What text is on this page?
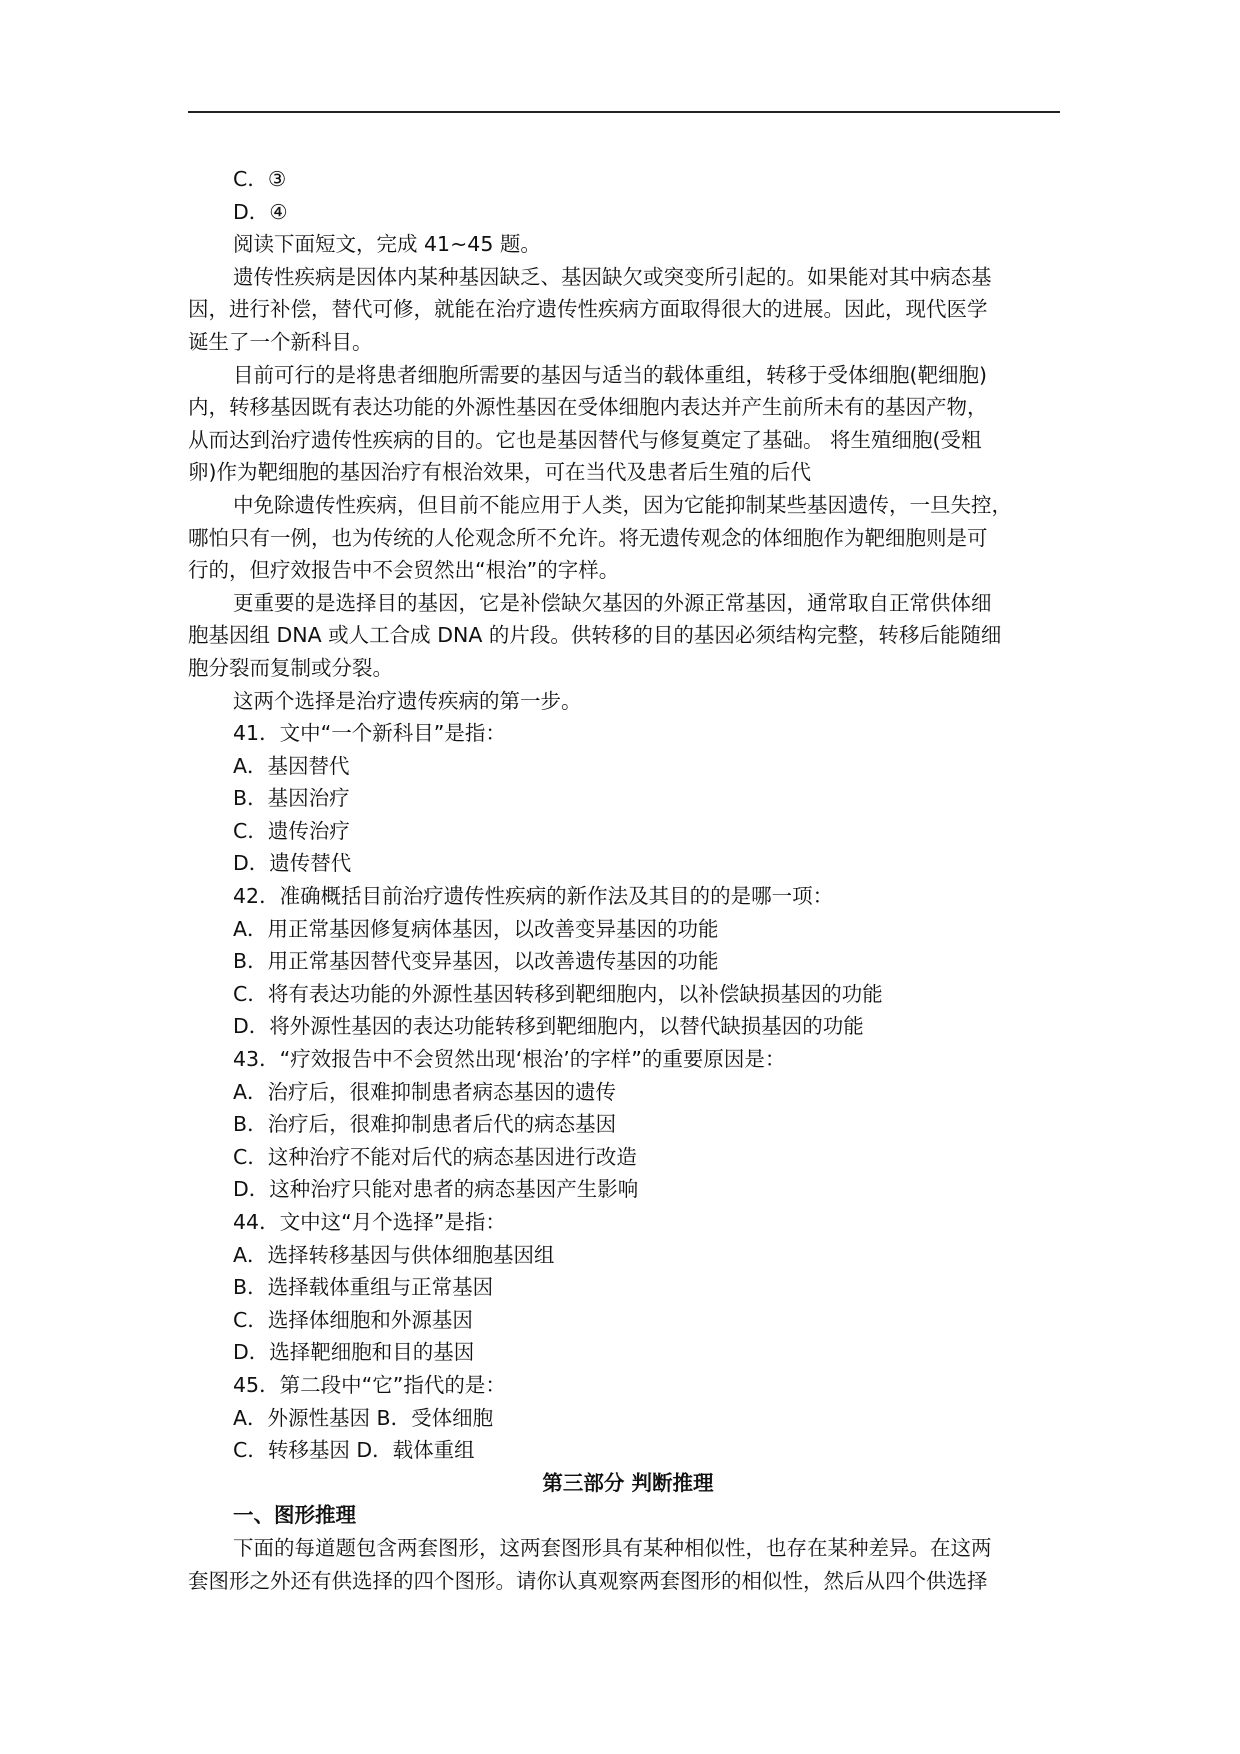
C．③
D．④
阅读下面短文，完成 41~45 题。
遗传性疾病是因体内某种基因缺乏、基因缺欠或突变所引起的。如果能对其中病态基
因，进行补偿，替代可修，就能在治疗遗传性疾病方面取得很大的进展。因此，现代医学
诞生了一个新科目。
目前可行的是将患者细胞所需要的基因与适当的载体重组，转移于受体细胞(靶细胞)
内，转移基因既有表达功能的外源性基因在受体细胞内表达并产生前所未有的基因产物，
从而达到治疗遗传性疾病的目的。它也是基因替代与修复奠定了基础。 将生殖细胞(受粗
卵)作为靶细胞的基因治疗有根治效果，可在当代及患者后生殖的后代
中免除遗传性疾病，但目前不能应用于人类，因为它能抑制某些基因遗传，一旦失控，
哪怕只有一例，也为传统的人伦观念所不允许。将无遗传观念的体细胞作为靶细胞则是可
行的，但疗效报告中不会贸然出“根治”的字样。
更重要的是选择目的基因，它是补偿缺欠基因的外源正常基因，通常取自正常供体细
胞基因组 DNA 或人工合成 DNA 的片段。供转移的目的基因必须结构完整，转移后能随细
胞分裂而复制或分裂。
这两个选择是治疗遗传疾病的第一步。
41．文中“一个新科目”是指：
A．基因替代
B．基因治疗
C．遗传治疗
D．遗传替代
42．准确概括目前治疗遗传性疾病的新作法及其目的的是哪一项：
A．用正常基因修复病体基因，以改善变异基因的功能
B．用正常基因替代变异基因，以改善遗传基因的功能
C．将有表达功能的外源性基因转移到靶细胞内，以补偿缺损基因的功能
D．将外源性基因的表达功能转移到靶细胞内，以替代缺损基因的功能
43．“疗效报告中不会贸然出现‘根治’的字样”的重要原因是：
A．治疗后，很难抑制患者病态基因的遗传
B．治疗后，很难抑制患者后代的病态基因
C．这种治疗不能对后代的病态基因进行改造
D．这种治疗只能对患者的病态基因产生影响
44．文中这“月个选择”是指：
A．选择转移基因与供体细胞基因组
B．选择载体重组与正常基因
C．选择体细胞和外源基因
D．选择靶细胞和目的基因
45．第二段中“它”指代的是：
A．外源性基因 B．受体细胞
C．转移基因 D．载体重组
第三部分 判断推理
一、图形推理
下面的每道题包含两套图形，这两套图形具有某种相似性，也存在某种差异。在这两
套图形之外还有供选择的四个图形。请你认真观察两套图形的相似性，然后从四个供选择
